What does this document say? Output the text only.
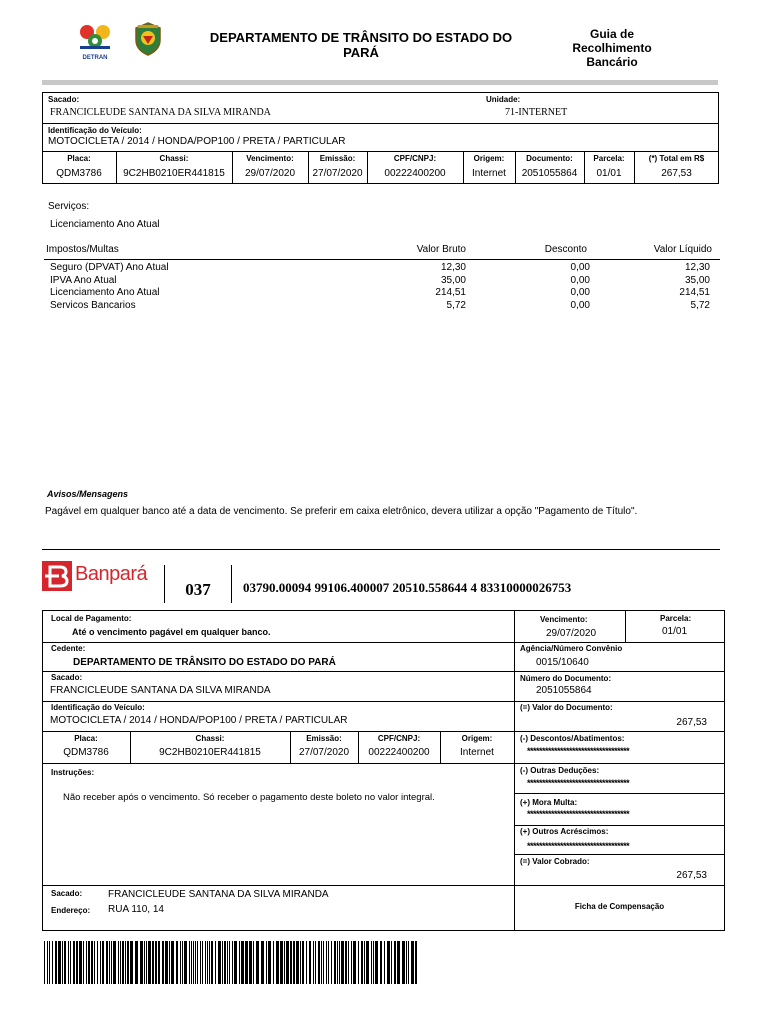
DETRAN
DEPARTAMENTO DE TRÂNSITO DO ESTADO DO PARÁ
Guia de Recolhimento Bancário
Sacado:
FRANCICLEUDE SANTANA DA SILVA MIRANDA
Unidade:
71-INTERNET
Identificação do Veículo:
MOTOCICLETA / 2014 / HONDA/POP100 / PRETA / PARTICULAR
Placa:
QDM3786
Chassi:
9C2HB0210ER441815
Vencimento:
29/07/2020
Emissão:
27/07/2020
CPF/CNPJ:
00222400200
Origem:
Internet
Documento:
2051055864
Parcela:
01/01
(*) Total em R$
267,53
Serviços:
Licenciamento Ano Atual
Impostos/Multas	Valor Bruto	Desconto	Valor Líquido
Seguro (DPVAT) Ano Atual	12,30	0,00	12,30
IPVA Ano Atual	35,00	0,00	35,00
Licenciamento Ano Atual	214,51	0,00	214,51
Servicos Bancarios	5,72	0,00	5,72
Avisos/Mensagens
Pagável em qualquer banco até a data de vencimento. Se preferir em caixa eletrônico, devera utilizar a opção "Pagamento de Título".
Banpará
037	03790.00094 99106.400007 20510.558644 4 83310000026753
Local de Pagamento:
Até o vencimento pagável em qualquer banco.
Cedente:
DEPARTAMENTO DE TRÂNSITO DO ESTADO DO PARÁ
Sacado:
FRANCICLEUDE SANTANA DA SILVA MIRANDA
Identificação do Veículo:
MOTOCICLETA / 2014 / HONDA/POP100 / PRETA / PARTICULAR
Placa:
QDM3786
Chassi:
9C2HB0210ER441815
Emissão:
27/07/2020
CPF/CNPJ:
00222400200
Origem:
Internet
Instruções:
Não receber após o vencimento. Só receber o pagamento deste boleto no valor integral.
Vencimento:
29/07/2020
Parcela:
01/01
Agência/Número Convênio
0015/10640
Número do Documento:
2051055864
(=) Valor do Documento:
267,53
(-) Descontos/Abatimentos:
**********************************
(-) Outras Deduções:
**********************************
(+) Mora Multa:
**********************************
(+) Outros Acréscimos:
**********************************
(=) Valor Cobrado:
267,53
Sacado:	FRANCICLEUDE SANTANA DA SILVA MIRANDA
Endereço: RUA 110, 14	Ficha de Compensação
